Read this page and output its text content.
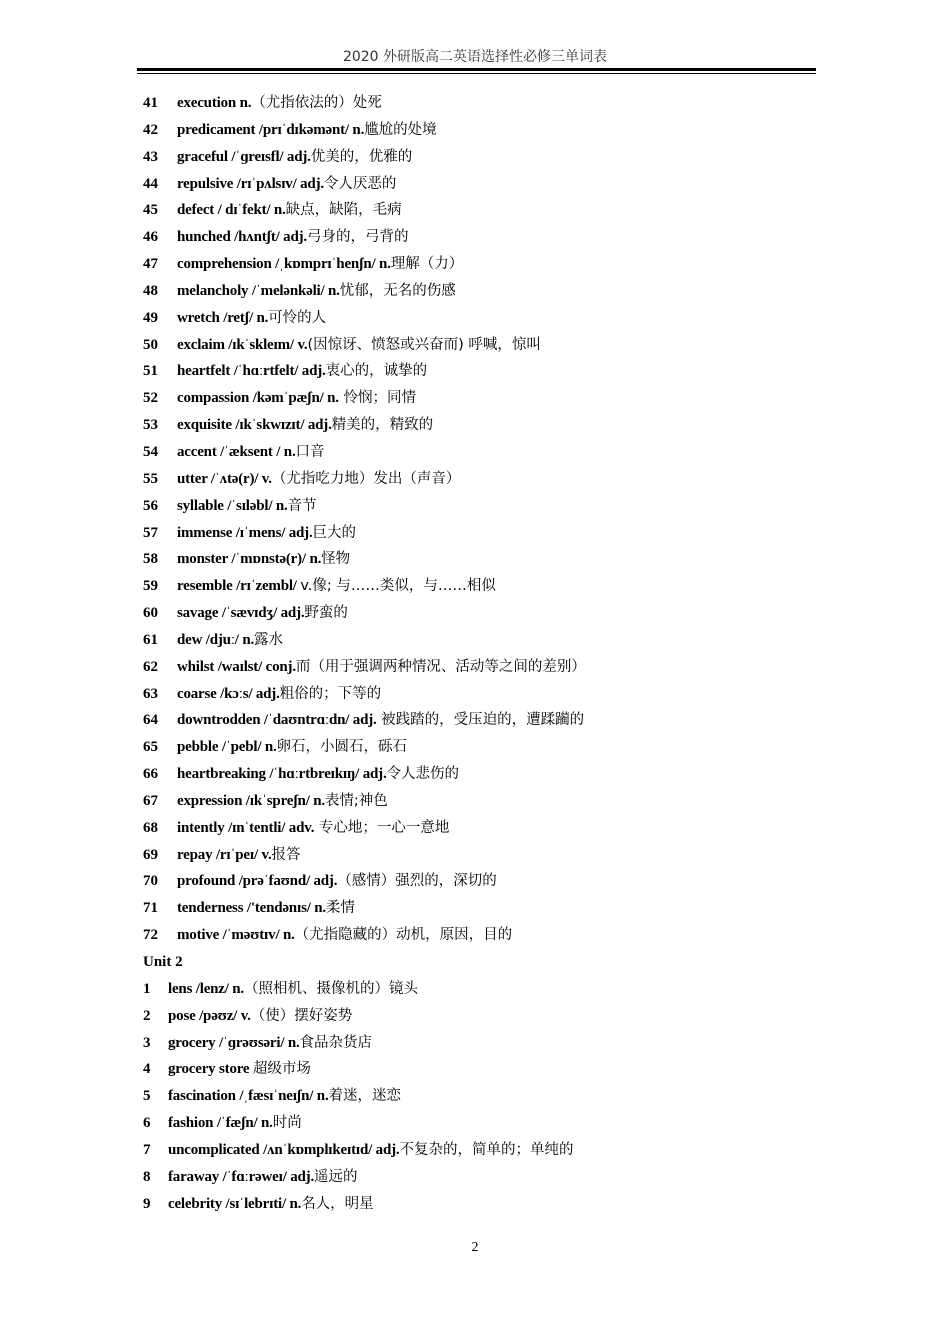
2020 外研版高二英语选择性必修三单词表
41 execution n.（尤指依法的）处死
42 predicament /prɪˈdɪkəmənt/ n.尴尬的处境
43 graceful /ˈɡreɪsfl/ adj.优美的，优雅的
44 repulsive /rɪˈpʌlsɪv/ adj.令人厌恶的
45 defect / dɪˈfekt/ n.缺点，缺陷，毛病
46 hunched /hʌntʃt/ adj.弓身的，弓背的
47 comprehension /ˌkɒmprɪˈhenʃn/ n.理解（力）
48 melancholy /ˈmelənkəli/ n.忧郁，无名的伤感
49 wretch /retʃ/ n.可怜的人
50 exclaim /ɪkˈskleɪm/ v.(因惊讶、愤怒或兴奋而) 呼喊，惊叫
51 heartfelt /ˈhɑːrtfelt/ adj.衷心的，诚挚的
52 compassion /kəmˈpæʃn/ n. 怜悯；同情
53 exquisite /ɪkˈskwɪzɪt/ adj.精美的，精致的
54 accent /ˈæksent / n.口音
55 utter /ˈʌtə(r)/ v.（尤指吃力地）发出（声音）
56 syllable /ˈsɪləbl/ n.音节
57 immense /ɪˈmens/ adj.巨大的
58 monster /ˈmɒnstə(r)/ n.怪物
59 resemble /rɪˈzembl/ v.像; 与……类似，与……相似
60 savage /ˈsævɪdʒ/ adj.野蛮的
61 dew /djuː/ n.露水
62 whilst /waɪlst/ conj.而（用于强调两种情况、活动等之间的差别）
63 coarse /kɔːs/ adj.粗俗的；下等的
64 downtrodden /ˈdaʊntrɑːdn/ adj. 被践踏的，受压迫的，遭蹂躏的
65 pebble /ˈpebl/ n.卵石，小圆石，砾石
66 heartbreaking /ˈhɑːrtbreɪkɪŋ/ adj.令人悲伤的
67 expression /ɪkˈspreʃn/ n.表情;神色
68 intently /ɪnˈtentli/ adv. 专心地；一心一意地
69 repay /rɪˈpeɪ/ v.报答
70 profound /prəˈfaʊnd/ adj.（感情）强烈的，深切的
71 tenderness /'tendənɪs/ n.柔情
72 motive /ˈməʊtɪv/ n.（尤指隐藏的）动机，原因，目的
Unit 2
1 lens /lenz/ n.（照相机、摄像机的）镜头
2 pose /pəʊz/ v.（使）摆好姿势
3 grocery /ˈɡrəʊsəri/ n.食品杂货店
4 grocery store 超级市场
5 fascination /ˌfæsɪˈneɪʃn/ n.着迷，迷恋
6 fashion /ˈfæʃn/ n.时尚
7 uncomplicated /ʌnˈkɒmplɪkeɪtɪd/ adj.不复杂的，简单的；单纯的
8 faraway /ˈfɑːrəweɪ/ adj.遥远的
9 celebrity /sɪˈlebrɪti/ n.名人，明星
2
